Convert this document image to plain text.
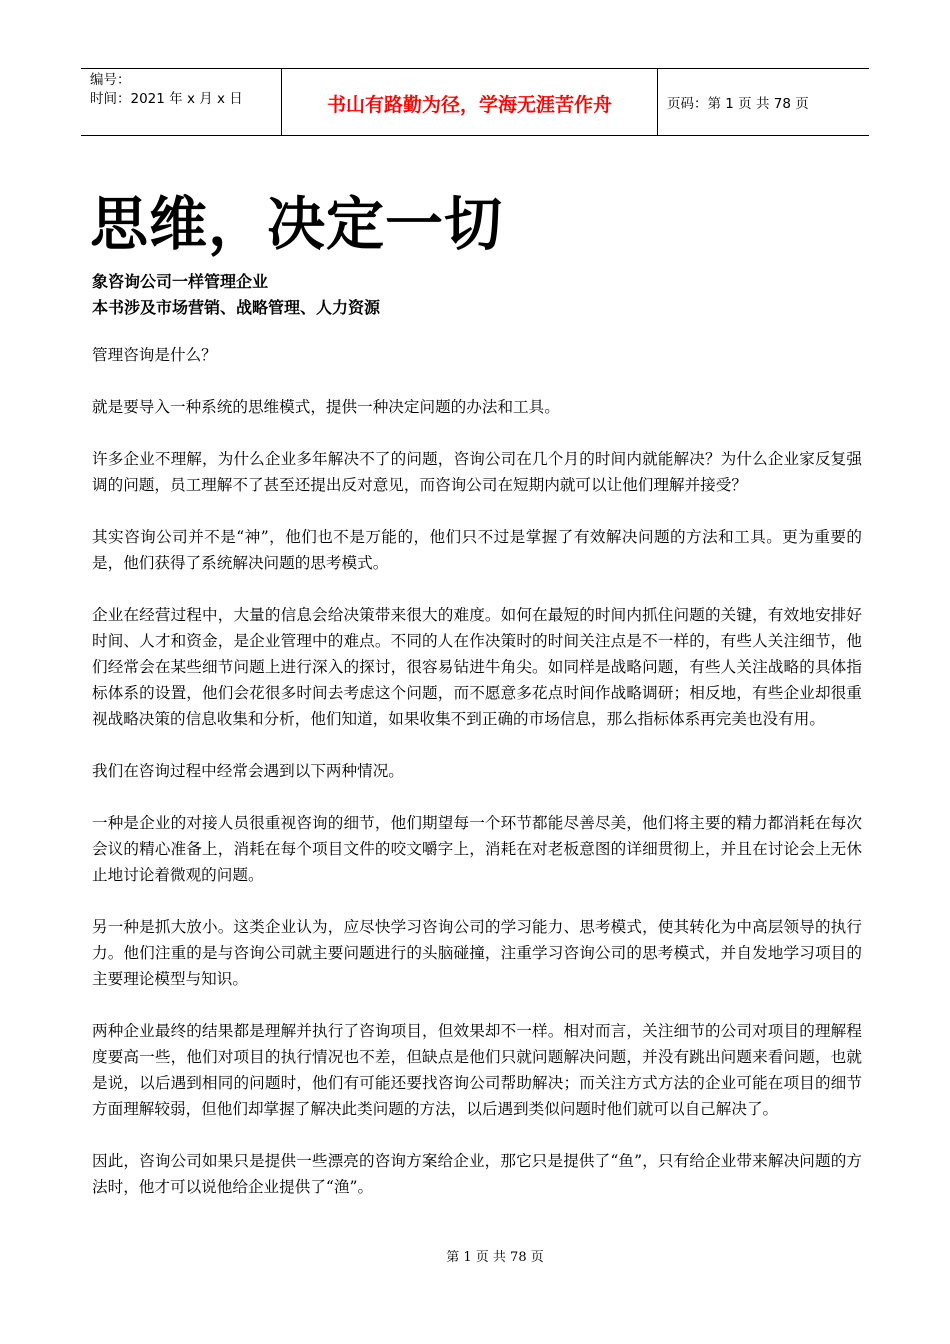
编号：
时间：2021 年 x 月 x 日	书山有路勤为径，学海无涯苦作舟	页码：第 1 页 共 78 页
思维，决定一切
象咨询公司一样管理企业
本书涉及市场营销、战略管理、人力资源

管理咨询是什么？

就是要导入一种系统的思维模式，提供一种决定问题的办法和工具。

许多企业不理解，为什么企业多年解决不了的问题，咨询公司在几个月的时间内就能解决？为什么企业家反复强调的问题，员工理解不了甚至还提出反对意见，而咨询公司在短期内就可以让他们理解并接受？

其实咨询公司并不是“神”，他们也不是万能的，他们只不过是掌握了有效解决问题的方法和工具。更为重要的是，他们获得了系统解决问题的思考模式。

企业在经营过程中，大量的信息会给决策带来很大的难度。如何在最短的时间内抓住问题的关键，有效地安排好时间、人才和资金，是企业管理中的难点。不同的人在作决策时的时间关注点是不一样的，有些人关注细节，他们经常会在某些细节问题上进行深入的探讨，很容易钻进牛角尖。如同样是战略问题，有些人关注战略的具体指标体系的设置，他们会花很多时间去考虑这个问题，而不愿意多花点时间作战略调研；相反地，有些企业却很重视战略决策的信息收集和分析，他们知道，如果收集不到正确的市场信息，那么指标体系再完美也没有用。

我们在咨询过程中经常会遇到以下两种情况。

一种是企业的对接人员很重视咨询的细节，他们期望每一个环节都能尽善尽美，他们将主要的精力都消耗在每次会议的精心准备上，消耗在每个项目文件的咬文嚼字上，消耗在对老板意图的详细贯彻上，并且在讨论会上无休止地讨论着微观的问题。

另一种是抓大放小。这类企业认为，应尽快学习咨询公司的学习能力、思考模式，使其转化为中高层领导的执行力。他们注重的是与咨询公司就主要问题进行的头脑碰撞，注重学习咨询公司的思考模式，并自发地学习项目的主要理论模型与知识。

两种企业最终的结果都是理解并执行了咨询项目，但效果却不一样。相对而言，关注细节的公司对项目的理解程度要高一些，他们对项目的执行情况也不差，但缺点是他们只就问题解决问题，并没有跳出问题来看问题，也就是说，以后遇到相同的问题时，他们有可能还要找咨询公司帮助解决；而关注方式方法的企业可能在项目的细节方面理解较弱，但他们却掌握了解决此类问题的方法，以后遇到类似问题时他们就可以自己解决了。

因此，咨询公司如果只是提供一些漂亮的咨询方案给企业，那它只是提供了“鱼”，只有给企业带来解决问题的方法时，他才可以说他给企业提供了“渔”。

第 1 页 共 78 页
